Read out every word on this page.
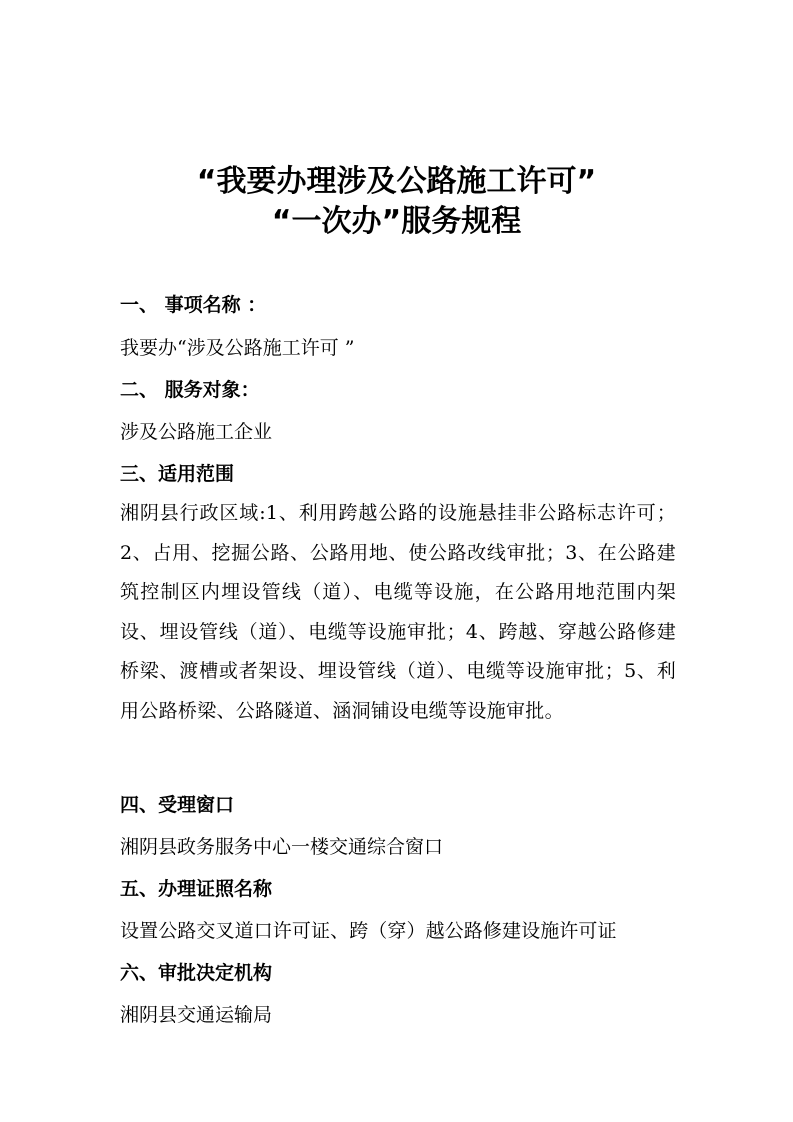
“我要办理涉及公路施工许可”
“一次办”服务规程
一、 事项名称 ：
我要办“涉及公路施工许可 ”
二、 服务对象：
涉及公路施工企业
三、适用范围
湘阴县行政区域:1、利用跨越公路的设施悬挂非公路标志许可；2、占用、挖掘公路、公路用地、使公路改线审批；3、在公路建筑控制区内埋设管线（道）、电缆等设施，在公路用地范围内架设、埋设管线（道）、电缆等设施审批；4、跨越、穿越公路修建桥梁、渡槽或者架设、埋设管线（道）、电缆等设施审批；5、利用公路桥梁、公路隧道、涵洞铺设电缆等设施审批。
四、受理窗口
湘阴县政务服务中心一楼交通综合窗口
五、办理证照名称
设置公路交叉道口许可证、跨（穿）越公路修建设施许可证
六、审批决定机构
湘阴县交通运输局
